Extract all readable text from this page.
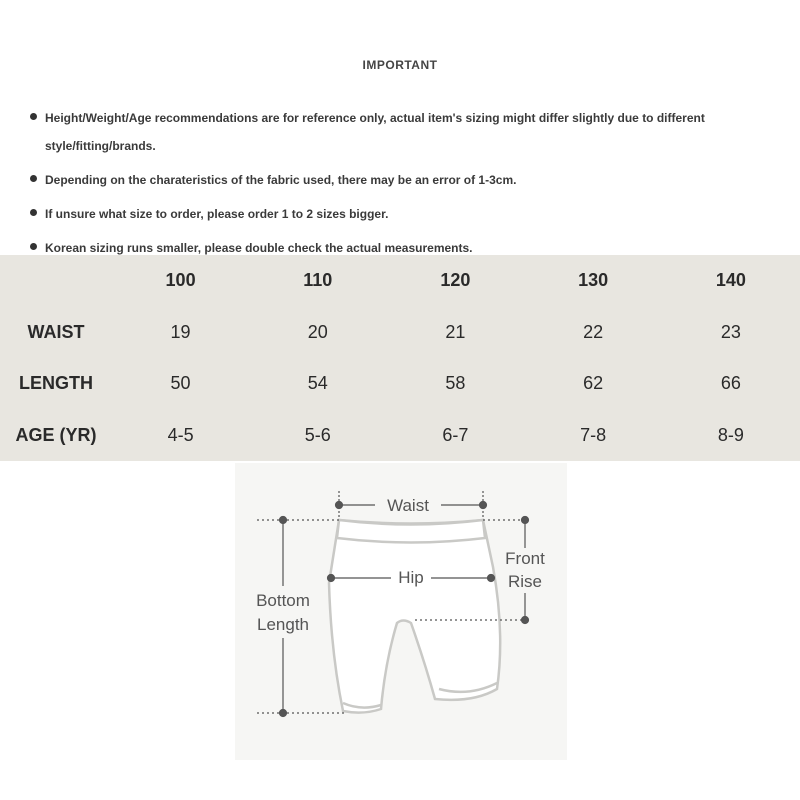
IMPORTANT
Height/Weight/Age recommendations are for reference only, actual item's sizing might differ slightly due to different style/fitting/brands.
Depending on the charateristics of the fabric used, there may be an error of 1-3cm.
If unsure what size to order, please order 1 to 2 sizes bigger.
Korean sizing runs smaller, please double check the actual measurements.
	100	110	120	130	140
WAIST	19	20	21	22	23
LENGTH	50	54	58	62	66
AGE (YR)	4-5	5-6	6-7	7-8	8-9
Waist
Hip
Front
Rise
Bottom
Length
